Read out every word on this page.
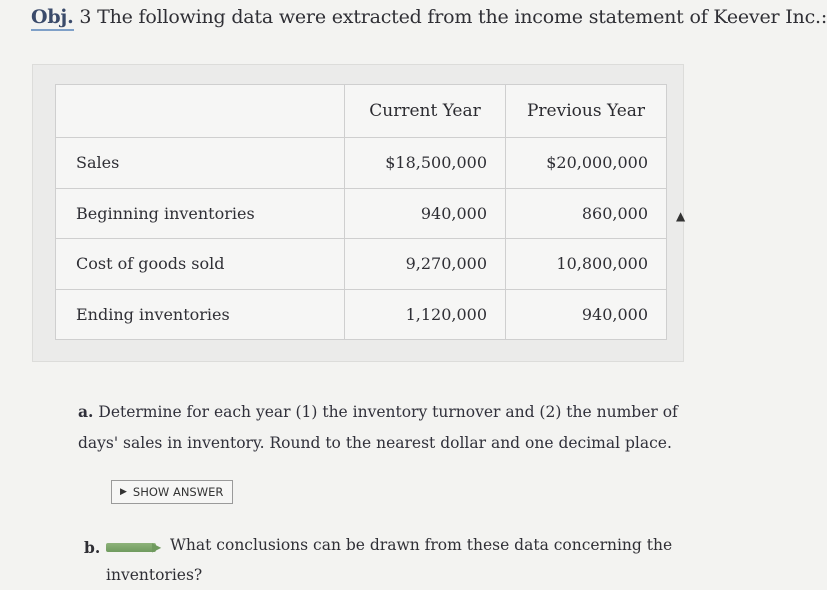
Obj. 3 The following data were extracted from the income statement of Keever Inc.:
	Current Year	Previous Year
Sales	$18,500,000	$20,000,000
Beginning inventories	940,000	860,000
Cost of goods sold	9,270,000	10,800,000
Ending inventories	1,120,000	940,000
▲
a. Determine for each year (1) the inventory turnover and (2) the number of days' sales in inventory. Round to the nearest dollar and one decimal place.
▶ SHOW ANSWER
b.	▶ What conclusions can be drawn from these data concerning the
inventories?
